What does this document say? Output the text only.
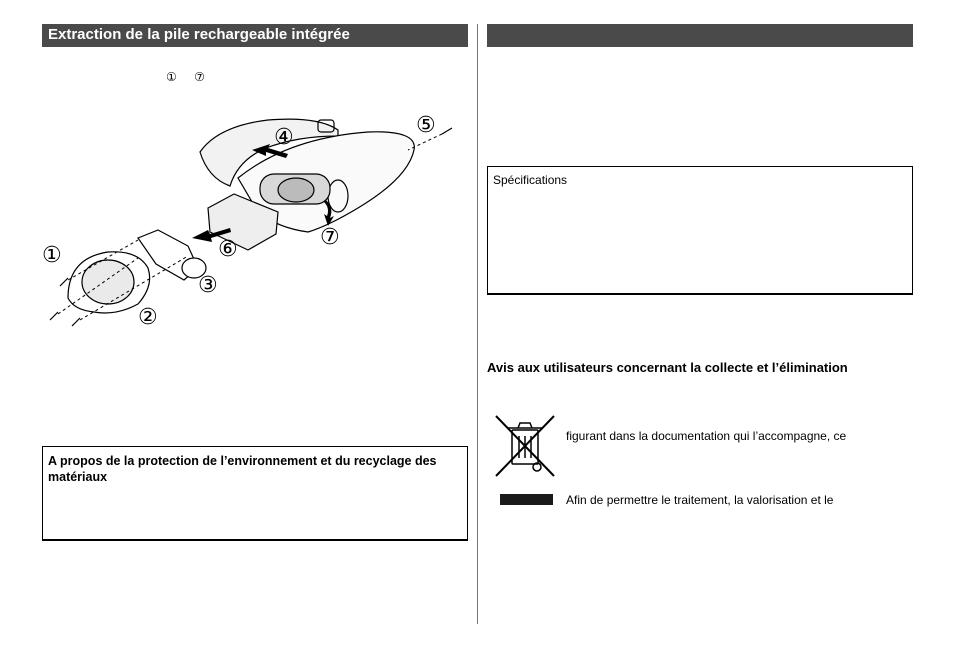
Extraction de la pile rechargeable intégrée
① ⑦
①
②
③
④	⑤
⑥	⑦
A propos de la protection de l’environnement et du recyclage des matériaux
Spécifications
Avis aux utilisateurs concernant la collecte et l’élimination
figurant dans la documentation qui l’accompagne, ce
Afin de permettre le traitement, la valorisation et le
